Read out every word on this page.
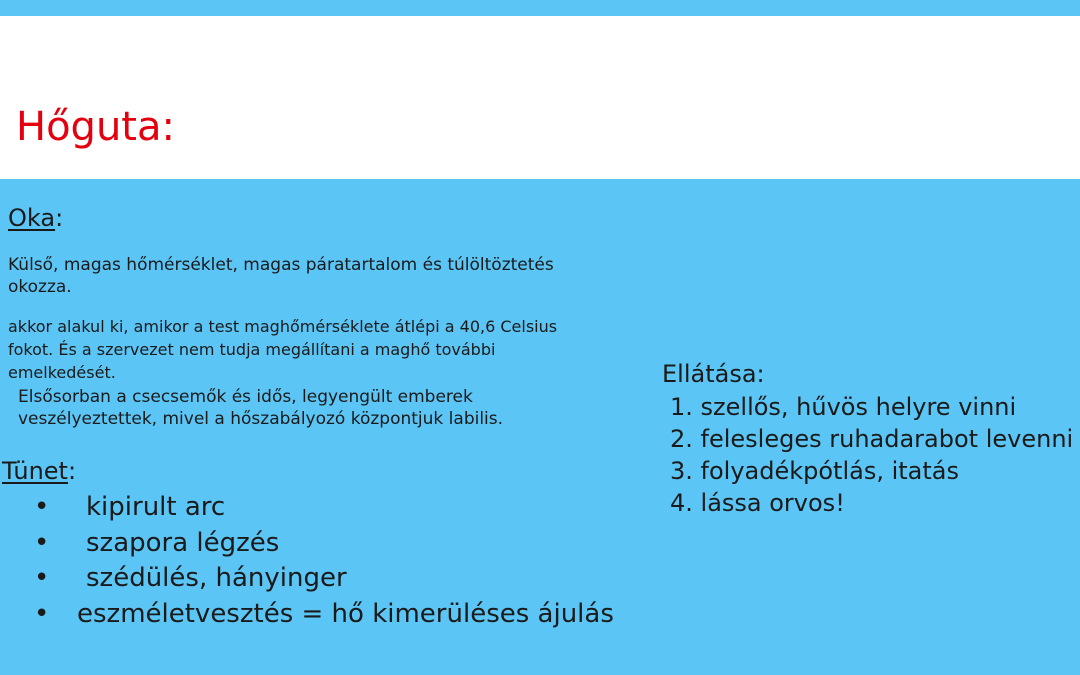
Hőguta:

Oka:

Külső, magas hőmérséklet, magas páratartalom és túlöltöztetés
okozza.
akkor alakul ki, amikor a test maghőmérséklete átlépi a 40,6 Celsius
fokot. És a szervezet nem tudja megállítani a maghő további
emelkedését.
Elsősorban a csecsemők és idős, legyengült emberek
veszélyeztettek, mivel a hőszabályozó központjuk labilis.

Tünet:

• kipirult arc
• szapora légzés
• szédülés, hányinger
• eszméletvesztés = hő kimerüléses ájulás

Ellátása:

1. szellős, hűvös helyre vinni
2. felesleges ruhadarabot levenni
3. folyadékpótlás, itatás
4. lássa orvos!
